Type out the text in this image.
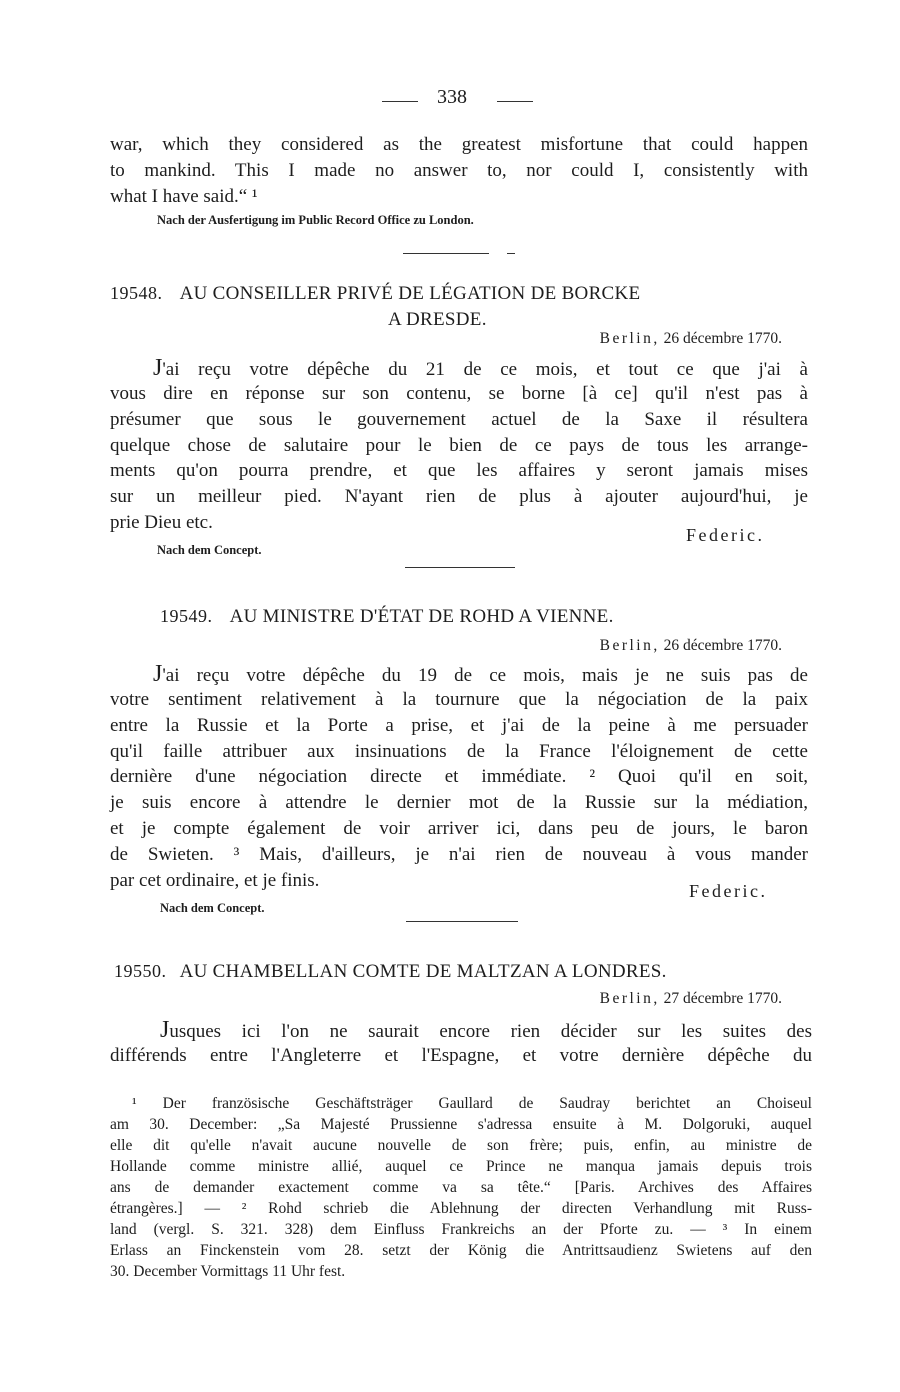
338
war, which they considered as the greatest misfortune that could happen
to mankind. This I made no answer to, nor could I, consistently with
what I have said.“ ¹
Nach der Ausfertigung im Public Record Office zu London.
19548. AU CONSEILLER PRIVÉ DE LÉGATION DE BORCKE
A DRESDE.
Berlin, 26 décembre 1770.
J'ai reçu votre dépêche du 21 de ce mois, et tout ce que j'ai à
vous dire en réponse sur son contenu, se borne [à ce] qu'il n'est pas à
présumer que sous le gouvernement actuel de la Saxe il résultera
quelque chose de salutaire pour le bien de ce pays de tous les arrange-
ments qu'on pourra prendre, et que les affaires y seront jamais mises
sur un meilleur pied. N'ayant rien de plus à ajouter aujourd'hui, je
prie Dieu etc.
Federic.
Nach dem Concept.
19549. AU MINISTRE D'ÉTAT DE ROHD A VIENNE.
Berlin, 26 décembre 1770.
J'ai reçu votre dépêche du 19 de ce mois, mais je ne suis pas de
votre sentiment relativement à la tournure que la négociation de la paix
entre la Russie et la Porte a prise, et j'ai de la peine à me persuader
qu'il faille attribuer aux insinuations de la France l'éloignement de cette
dernière d'une négociation directe et immédiate. ² Quoi qu'il en soit,
je suis encore à attendre le dernier mot de la Russie sur la médiation,
et je compte également de voir arriver ici, dans peu de jours, le baron
de Swieten. ³ Mais, d'ailleurs, je n'ai rien de nouveau à vous mander
par cet ordinaire, et je finis.	Federic.
Nach dem Concept.
19550. AU CHAMBELLAN COMTE DE MALTZAN A LONDRES.
Berlin, 27 décembre 1770.
Jusques ici l'on ne saurait encore rien décider sur les suites des
différends entre l'Angleterre et l'Espagne, et votre dernière dépêche du
¹ Der französische Geschäftsträger Gaullard de Saudray berichtet an Choiseul
am 30. December: „Sa Majesté Prussienne s'adressa ensuite à M. Dolgoruki, auquel
elle dit qu'elle n'avait aucune nouvelle de son frère; puis, enfin, au ministre de
Hollande comme ministre allié, auquel ce Prince ne manqua jamais depuis trois
ans de demander exactement comme va sa tête.“ [Paris. Archives des Affaires
étrangères.] — ² Rohd schrieb die Ablehnung der directen Verhandlung mit Russ-
land (vergl. S. 321. 328) dem Einfluss Frankreichs an der Pforte zu. — ³ In einem
Erlass an Finckenstein vom 28. setzt der König die Antrittsaudienz Swietens auf den
30. December Vormittags 11 Uhr fest.
